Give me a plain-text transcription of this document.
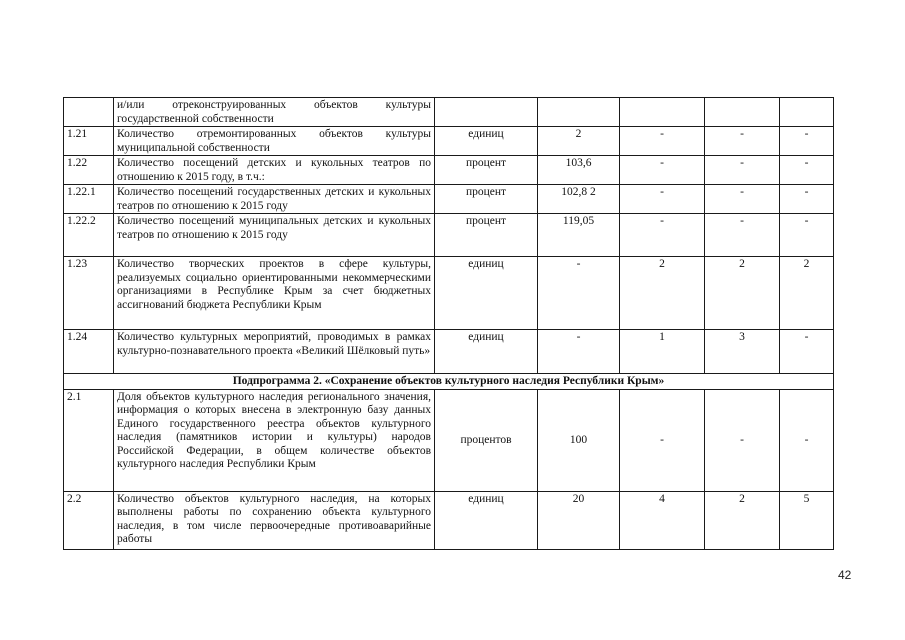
	и/или отреконструированных объектов культуры государственной собственности					
1.21	Количество отремонтированных объектов культуры муниципальной собственности	единиц	2	-	-	-
1.22	Количество посещений детских и кукольных театров по отношению к 2015 году, в т.ч.:	процент	103,6	-	-	-
1.22.1	Количество посещений государственных детских и кукольных театров по отношению к 2015 году	процент	102,8 2	-	-	-
1.22.2	Количество посещений муниципальных детских и кукольных театров по отношению к 2015 году	процент	119,05	-	-	-
1.23	Количество творческих проектов в сфере культуры, реализуемых социально ориентированными некоммерческими организациями в Республике Крым за счет бюджетных ассигнований бюджета Республики Крым	единиц	-	2	2	2
1.24	Количество культурных мероприятий, проводимых в рамках культурно-познавательного проекта «Великий Шёлковый путь»	единиц	-	1	3	-
Подпрограмма 2. «Сохранение объектов культурного наследия Республики Крым»						
2.1	Доля объектов культурного наследия регионального значения, информация о которых внесена в электронную базу данных Единого государственного реестра объектов культурного наследия (памятников истории и культуры) народов Российской Федерации, в общем количестве объектов культурного наследия Республики Крым	процентов	100	-	-	-
2.2	Количество объектов культурного наследия, на которых выполнены работы по сохранению объекта культурного наследия, в том числе первоочередные противоаварийные работы	единиц	20	4	2	5
42
